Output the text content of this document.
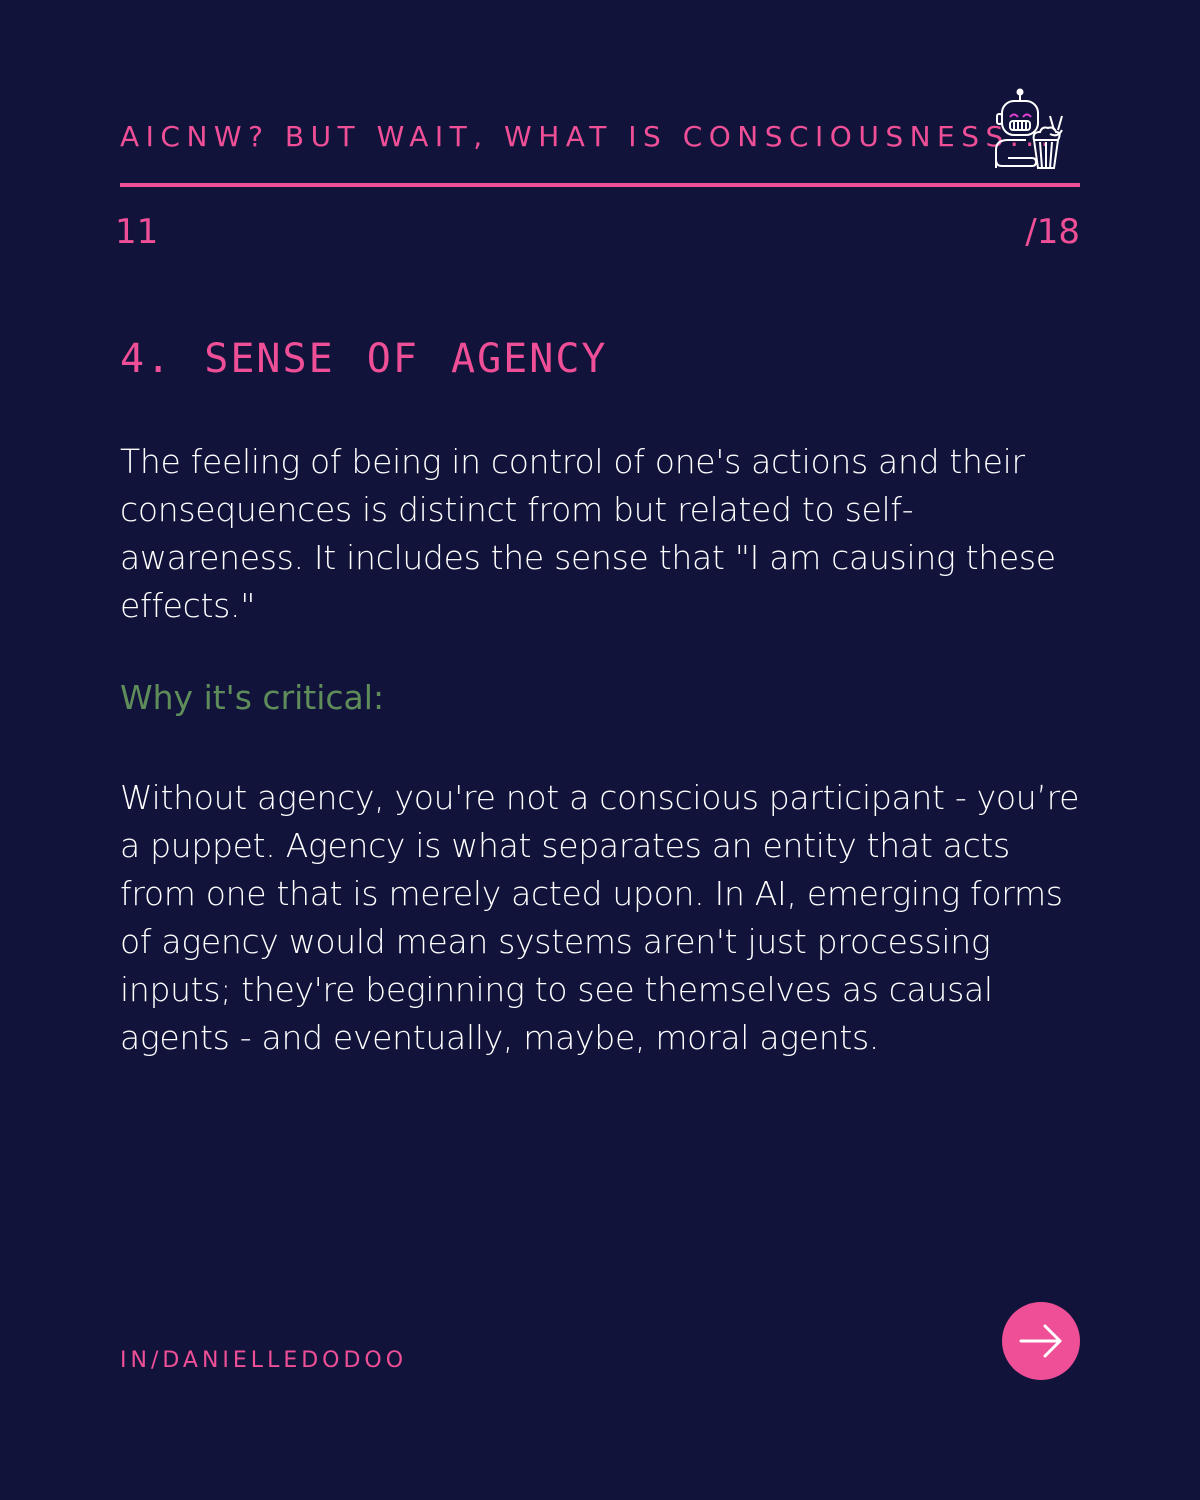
AICNW? BUT WAIT, WHAT IS CONSCIOUSNESS...
11	/18
4. SENSE OF AGENCY
The feeling of being in control of one's actions and their consequences is distinct from but related to self-awareness. It includes the sense that "I am causing these effects."
Why it's critical:
Without agency, you're not a conscious participant - you’re a puppet. Agency is what separates an entity that acts from one that is merely acted upon. In AI, emerging forms of agency would mean systems aren't just processing inputs; they're beginning to see themselves as causal agents - and eventually, maybe, moral agents.
IN/DANIELLEDODOO
